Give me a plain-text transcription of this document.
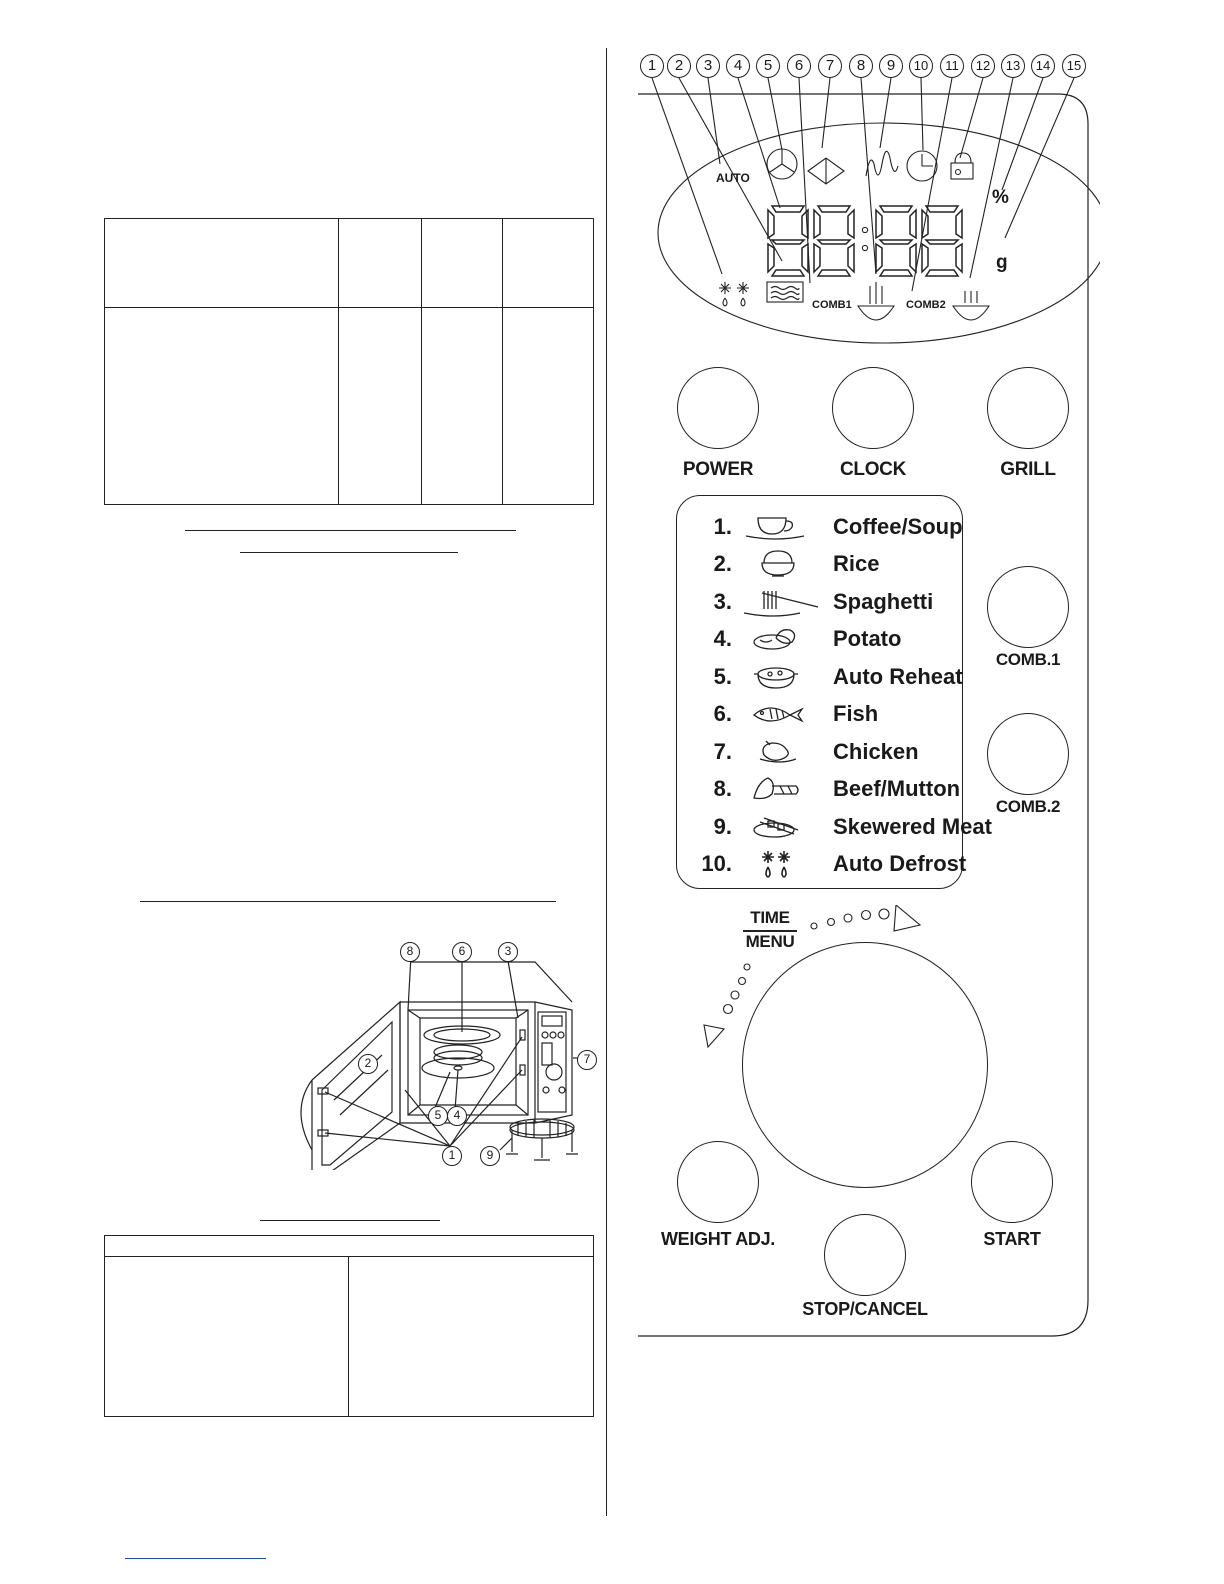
8	6	3
2	7
5	4
1	9
1	2	3	4	5	6	7	8	9	10	11	12	13	14	15
AUTO
COMB1	COMB2
%
g
POWER	CLOCK	GRILL
1.	Coffee/Soup
2.	Rice
3.	Spaghetti
4.	Potato
5.	Auto Reheat
6.	Fish
7.	Chicken
8.	Beef/Mutton
9.	Skewered Meat
10.	Auto Defrost
COMB.1
COMB.2
TIME
MENU
WEIGHT ADJ.	START
STOP/CANCEL
